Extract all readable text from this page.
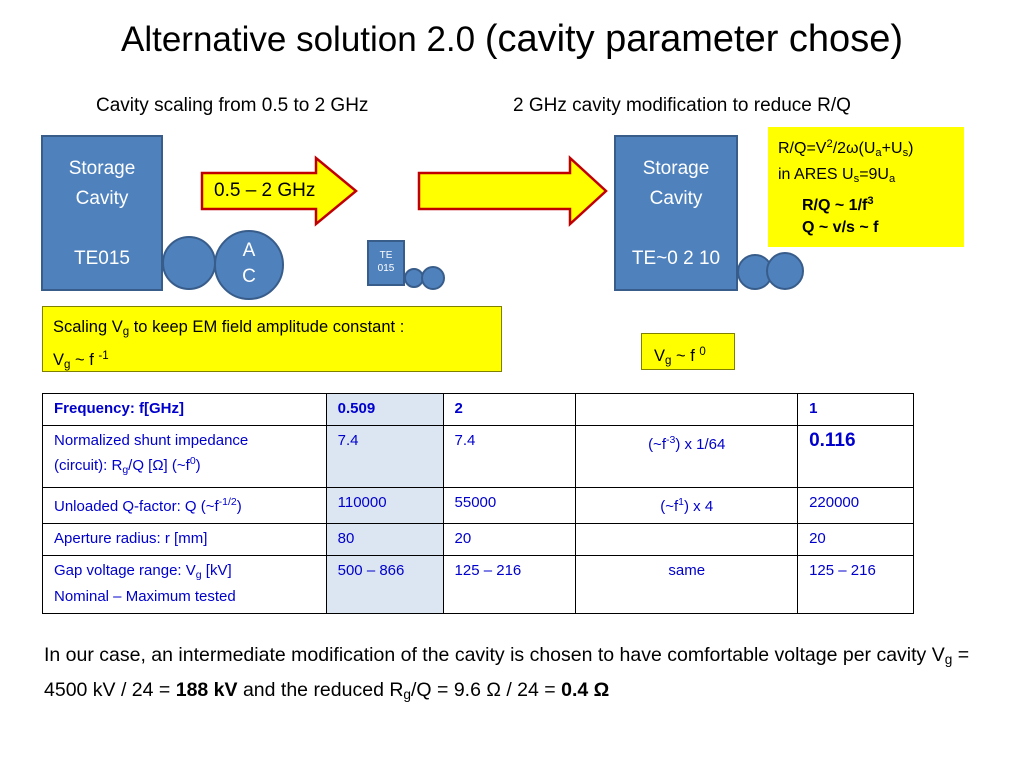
Alternative solution 2.0 (cavity parameter chose)
Cavity scaling from 0.5 to 2 GHz	2 GHz cavity modification to reduce R/Q
Storage
Cavity
TE015	A
C
0.5 – 2 GHz
TE
015
Storage
Cavity
TE~0 2 10
$R/Q=V^2/2\omega(U_a+U_s)$
in ARES $U_s=9U_a$
R/Q ~ $1/f^3$
Q ~ v/s ~ f
Scaling $V_g$ to keep EM field amplitude constant :
$V_g$ ~ f $^{-1}$	$V_g$ ~ f $^0$
Frequency: f[GHz]	0.509	2		1

Normalized shunt impedance
(circuit): $R_g/Q$ [Ω] $(\sim f^0)$	7.4	7.4	$(\sim f^{-3})$ x 1/64	0.116
Unloaded Q-factor: Q $(\sim f^{-1/2})$	110000	55000	$(\sim f^1)$ x 4	220000
Aperture radius: r [mm]	80	20		20

Gap voltage range: $V_g$ [kV]
Nominal – Maximum tested	500 – 866	125 – 216	same	125 – 216
In our case, an intermediate modification of the cavity is chosen to have comfortable voltage per cavity $V_g = 4500$ kV / 24 = 188 kV and the reduced $R_g/Q = 9.6$ Ω / 24 = 0.4 Ω
